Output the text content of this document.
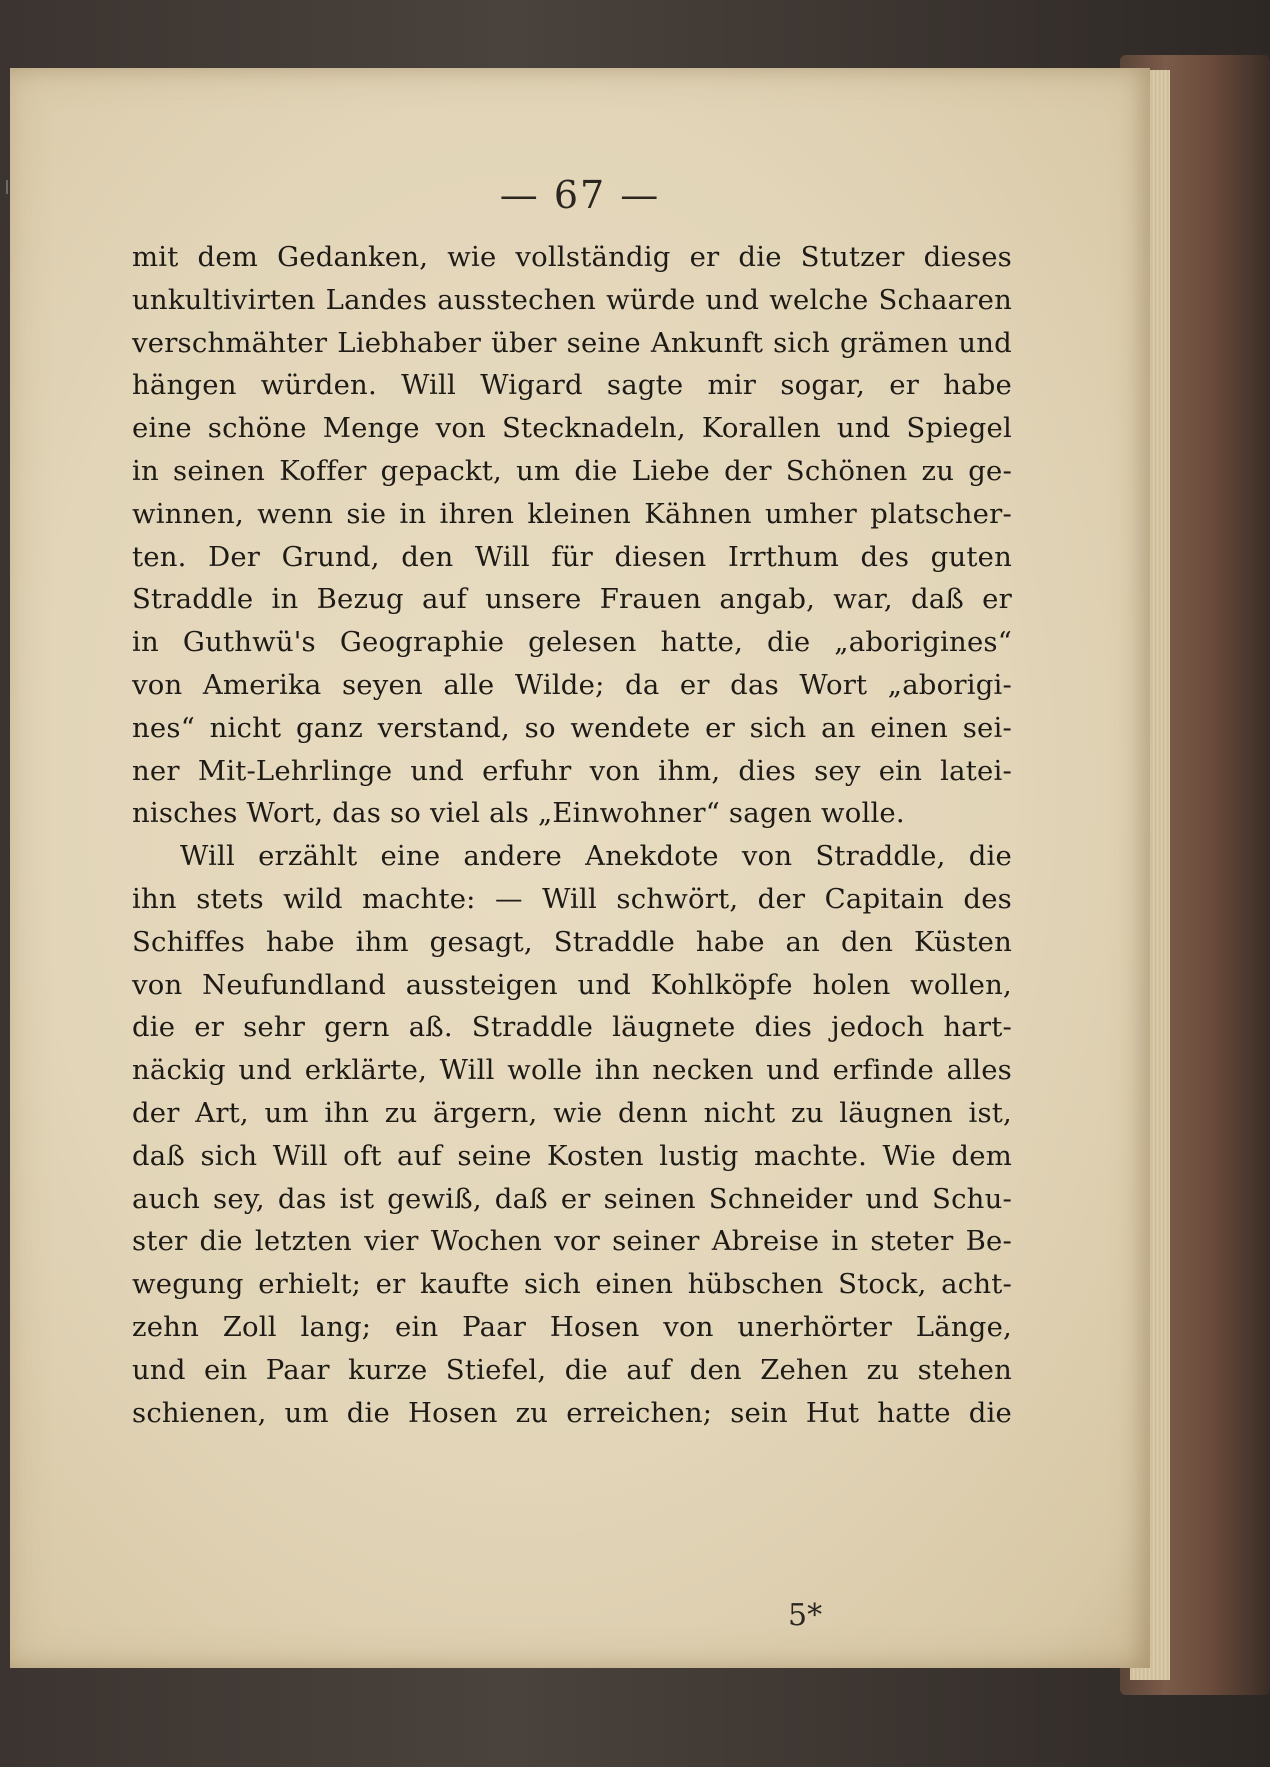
— 67 —
mit dem Gedanken, wie vollständig er die Stutzer dieses
unkultivirten Landes ausstechen würde und welche Schaaren
verschmähter Liebhaber über seine Ankunft sich grämen und
hängen würden. Will Wigard sagte mir sogar, er habe
eine schöne Menge von Stecknadeln, Korallen und Spiegel
in seinen Koffer gepackt, um die Liebe der Schönen zu ge-
winnen, wenn sie in ihren kleinen Kähnen umher platscher-
ten. Der Grund, den Will für diesen Irrthum des guten
Straddle in Bezug auf unsere Frauen angab, war, daß er
in Guthwü's Geographie gelesen hatte, die „aborigines“
von Amerika seyen alle Wilde; da er das Wort „aborigi-
nes“ nicht ganz verstand, so wendete er sich an einen sei-
ner Mit-Lehrlinge und erfuhr von ihm, dies sey ein latei-
nisches Wort, das so viel als „Einwohner“ sagen wolle.
Will erzählt eine andere Anekdote von Straddle, die
ihn stets wild machte: — Will schwört, der Capitain des
Schiffes habe ihm gesagt, Straddle habe an den Küsten
von Neufundland aussteigen und Kohlköpfe holen wollen,
die er sehr gern aß. Straddle läugnete dies jedoch hart-
näckig und erklärte, Will wolle ihn necken und erfinde alles
der Art, um ihn zu ärgern, wie denn nicht zu läugnen ist,
daß sich Will oft auf seine Kosten lustig machte. Wie dem
auch sey, das ist gewiß, daß er seinen Schneider und Schu-
ster die letzten vier Wochen vor seiner Abreise in steter Be-
wegung erhielt; er kaufte sich einen hübschen Stock, acht-
zehn Zoll lang; ein Paar Hosen von unerhörter Länge,
und ein Paar kurze Stiefel, die auf den Zehen zu stehen
schienen, um die Hosen zu erreichen; sein Hut hatte die
5*
